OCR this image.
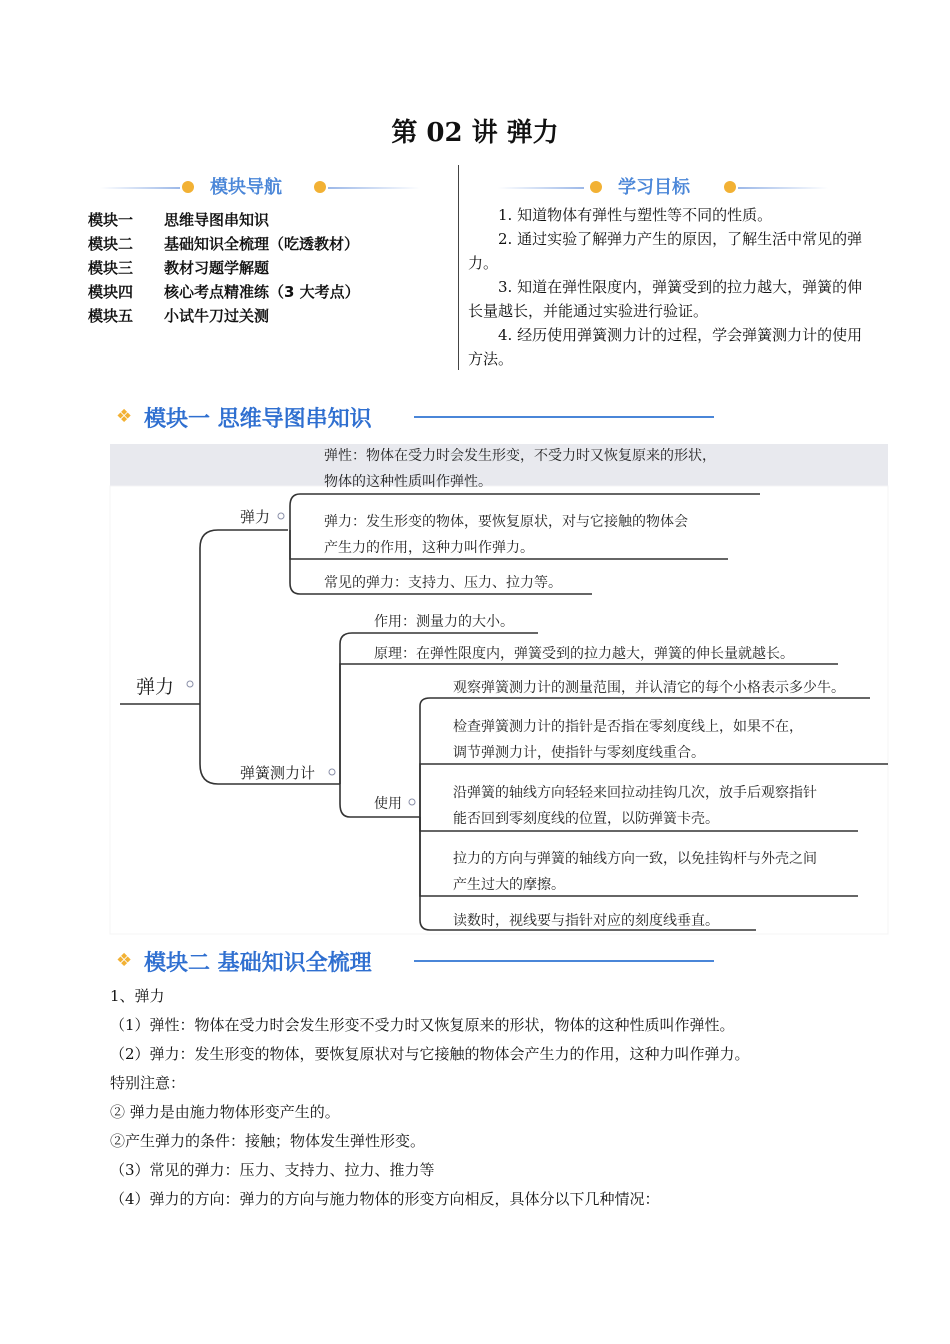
第 02 讲 弹力
模块导航
模块一 思维导图串知识
模块二 基础知识全梳理（吃透教材）
模块三 教材习题学解题
模块四 核心考点精准练（3 大考点）
模块五 小试牛刀过关测
学习目标

1. 知道物体有弹性与塑性等不同的性质。

2. 通过实验了解弹力产生的原因，了解生活中常见的弹力。

3. 知道在弹性限度内，弹簧受到的拉力越大，弹簧的伸长量越长，并能通过实验进行验证。

4. 经历使用弹簧测力计的过程，学会弹簧测力计的使用方法。

❖ 模块一 思维导图串知识
弹力
弹力
弹簧测力计
使用
弹性：物体在受力时会发生形变，不受力时又恢复原来的形状，
物体的这种性质叫作弹性。
弹力：发生形变的物体，要恢复原状，对与它接触的物体会
产生力的作用，这种力叫作弹力。
常见的弹力：支持力、压力、拉力等。
作用：测量力的大小。
原理：在弹性限度内，弹簧受到的拉力越大，弹簧的伸长量就越长。
观察弹簧测力计的测量范围，并认清它的每个小格表示多少牛。
检查弹簧测力计的指针是否指在零刻度线上，如果不在，
调节弹测力计，使指针与零刻度线重合。
沿弹簧的轴线方向轻轻来回拉动挂钩几次，放手后观察指针
能否回到零刻度线的位置，以防弹簧卡壳。
拉力的方向与弹簧的轴线方向一致，以免挂钩杆与外壳之间
产生过大的摩擦。
读数时，视线要与指针对应的刻度线垂直。
❖ 模块二 基础知识全梳理

1、弹力

（1）弹性：物体在受力时会发生形变不受力时又恢复原来的形状，物体的这种性质叫作弹性。

（2）弹力：发生形变的物体，要恢复原状对与它接触的物体会产生力的作用，这种力叫作弹力。

特别注意：

② 弹力是由施力物体形变产生的。

②产生弹力的条件：接触；物体发生弹性形变。

（3）常见的弹力：压力、支持力、拉力、推力等

（4）弹力的方向：弹力的方向与施力物体的形变方向相反，具体分以下几种情况：
